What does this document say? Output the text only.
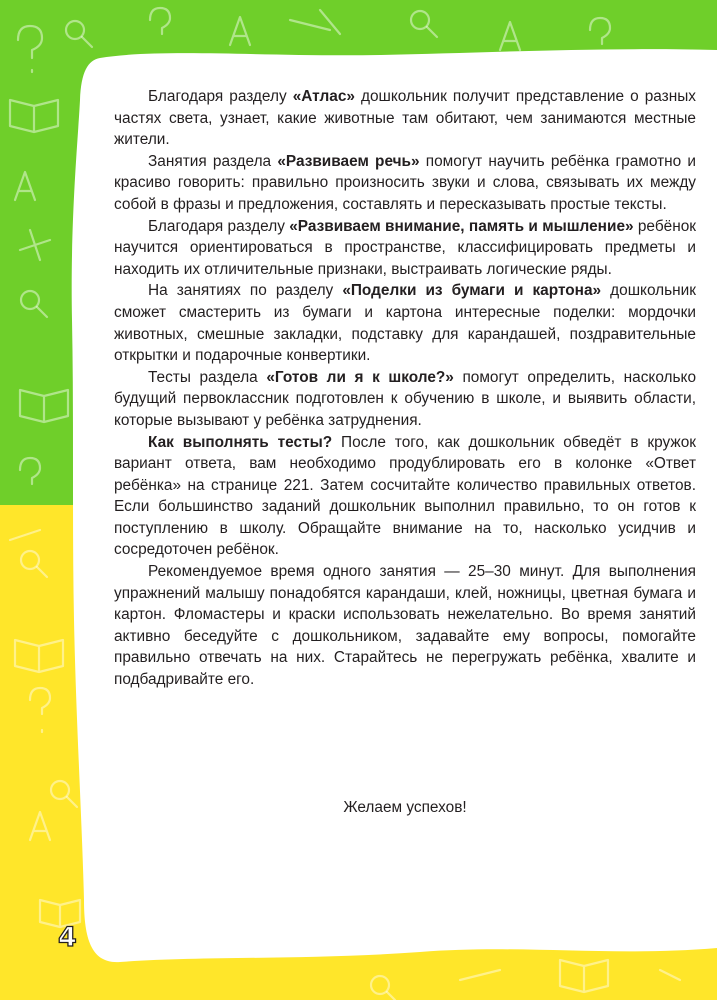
Благодаря разделу «Атлас» дошкольник получит представление о разных частях света, узнает, какие животные там обитают, чем занимаются местные жители.

Занятия раздела «Развиваем речь» помогут научить ребёнка грамотно и красиво говорить: правильно произносить звуки и слова, связывать их между собой в фразы и предложения, составлять и пересказывать простые тексты.

Благодаря разделу «Развиваем внимание, память и мышление» ребёнок научится ориентироваться в пространстве, классифицировать предметы и находить их отличительные признаки, выстраивать логические ряды.

На занятиях по разделу «Поделки из бумаги и картона» дошкольник сможет смастерить из бумаги и картона интересные поделки: мордочки животных, смешные закладки, подставку для карандашей, поздравительные открытки и подарочные конвертики.

Тесты раздела «Готов ли я к школе?» помогут определить, насколько будущий первоклассник подготовлен к обучению в школе, и выявить области, которые вызывают у ребёнка затруднения.

Как выполнять тесты? После того, как дошкольник обведёт в кружок вариант ответа, вам необходимо продублировать его в колонке «Ответ ребёнка» на странице 221. Затем сосчитайте количество правильных ответов. Если большинство заданий дошкольник выполнил правильно, то он готов к поступлению в школу. Обращайте внимание на то, насколько усидчив и сосредоточен ребёнок.

Рекомендуемое время одного занятия — 25–30 минут. Для выполнения упражнений малышу понадобятся карандаши, клей, ножницы, цветная бумага и картон. Фломастеры и краски использовать нежелательно. Во время занятий активно беседуйте с дошкольником, задавайте ему вопросы, помогайте правильно отвечать на них. Старайтесь не перегружать ребёнка, хвалите и подбадривайте его.

Желаем успехов!
4
